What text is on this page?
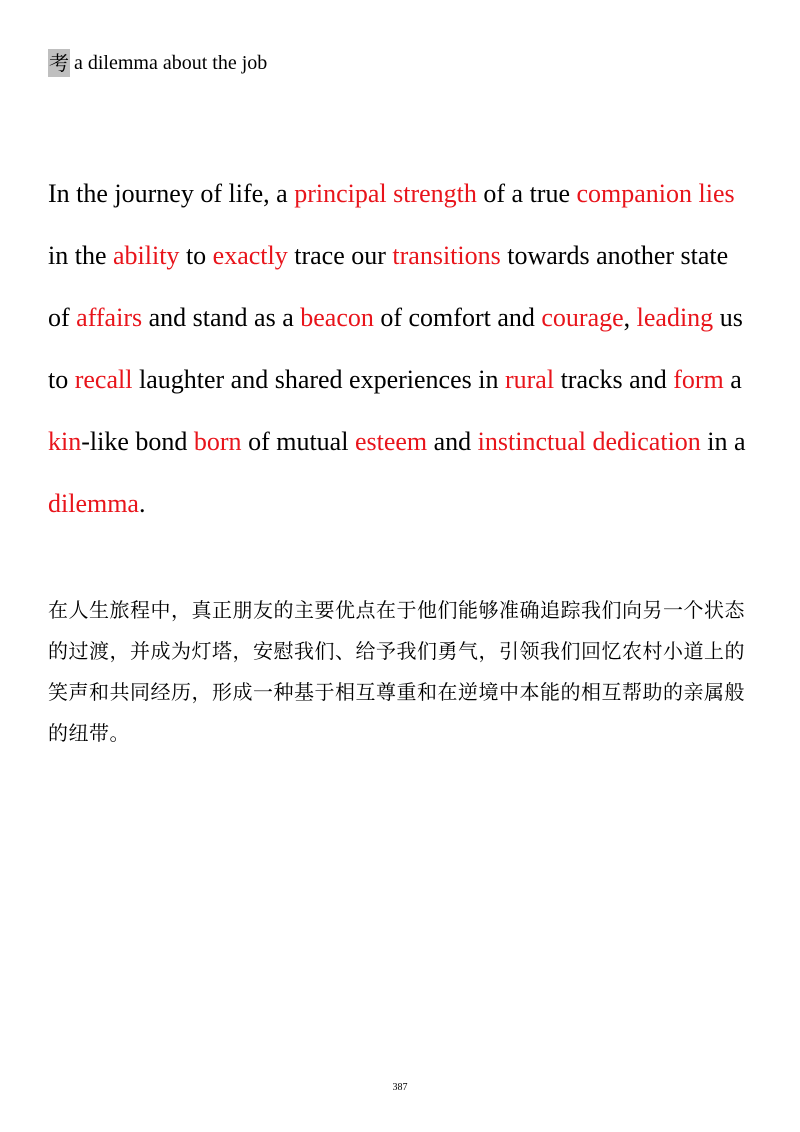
考 a dilemma about the job

In the journey of life, a principal strength of a true companion lies in the ability to exactly trace our transitions towards another state of affairs and stand as a beacon of comfort and courage, leading us to recall laughter and shared experiences in rural tracks and form a kin-like bond born of mutual esteem and instinctual dedication in a dilemma.

在人生旅程中，真正朋友的主要优点在于他们能够准确追踪我们向另一个状态的过渡，并成为灯塔，安慰我们、给予我们勇气，引领我们回忆农村小道上的笑声和共同经历，形成一种基于相互尊重和在逆境中本能的相互帮助的亲属般的纽带。

387
